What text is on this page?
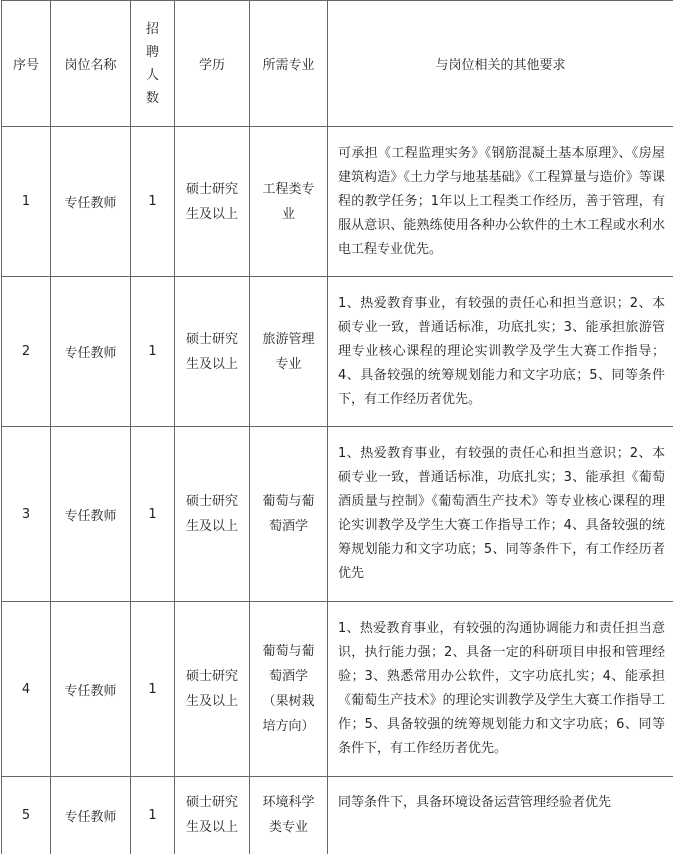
序号	岗位名称	招聘人数	学历	所需专业	与岗位相关的其他要求
1	专任教师	1	硕士研究生及以上	工程类专业	可承担《工程监理实务》《钢筋混凝土基本原理》、《房屋建筑构造》《土力学与地基基础》《工程算量与造价》等课程的教学任务；1年以上工程类工作经历，善于管理，有服从意识、能熟练使用各种办公软件的土木工程或水利水电工程专业优先。
2	专任教师	1	硕士研究生及以上	旅游管理专业	1、热爱教育事业，有较强的责任心和担当意识；2、本硕专业一致，普通话标准，功底扎实；3、能承担旅游管理专业核心课程的理论实训教学及学生大赛工作指导；4、具备较强的统筹规划能力和文字功底；5、同等条件下，有工作经历者优先。
3	专任教师	1	硕士研究生及以上	葡萄与葡萄酒学	1、热爱教育事业，有较强的责任心和担当意识；2、本硕专业一致，普通话标准，功底扎实；3、能承担《葡萄酒质量与控制》《葡萄酒生产技术》等专业核心课程的理论实训教学及学生大赛工作指导工作；4、具备较强的统筹规划能力和文字功底；5、同等条件下，有工作经历者优先
4	专任教师	1	硕士研究生及以上	葡萄与葡萄酒学（果树栽培方向）	1、热爱教育事业，有较强的沟通协调能力和责任担当意识，执行能力强；2、具备一定的科研项目申报和管理经验；3、熟悉常用办公软件，文字功底扎实；4、能承担《葡萄生产技术》的理论实训教学及学生大赛工作指导工作；5、具备较强的统筹规划能力和文字功底；6、同等条件下，有工作经历者优先。
5	专任教师	1	硕士研究生及以上	环境科学类专业	同等条件下，具备环境设备运营管理经验者优先
